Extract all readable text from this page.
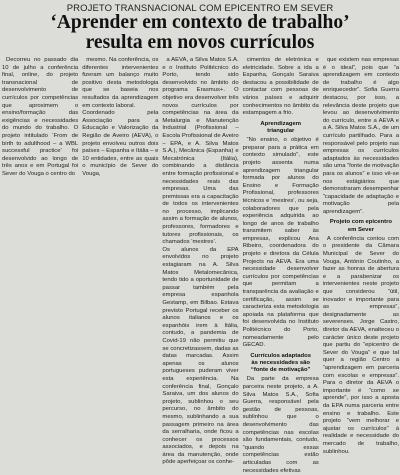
PROJETO TRANSNACIONAL COM EPICENTRO EM SEVER
‘Aprender em contexto de trabalho’
resulta em novos currículos

Decorreu no passado dia 10 de julho a conferência final, online, do projeto transnacional de desenvolvimento de currículos por competências que aproximem o ensino/formação das exigências e necessidades do mundo do trabalho. O projeto intitulado ‘From de birth to adulthood – a WBL successful practice’ foi desenvolvido ao longo de três anos e em Portugal foi Sever do Vouga o centro do

mesmo. Na conferência, os diferentes intervenientes fizeram um balanço muito positivo desta metodologia que se baseia nos resultados da aprendizagem em contexto laboral.
Coordenado pela Associação para a Educação e Valorização da Região de Aveiro (AEVA), o projeto envolveu outros dois países – Espanha e Itália – e 10 entidades, entre as quais o município de Sever do Vouga,

a AEVA, a Silva Matos S.A. e o Instituto Politécnico do Porto, tendo sido desenvolvido no âmbito do programa Erasmus+. O objetivo era desenvolver três novos currículos por competências na área da Metalurgia e Manutenção Industrial (Profissional – Escola Profissional de Aveiro – EPA, e A. Silva Matos S.A.), Mecânica (Espanha) e Mecatrónica (Itália), combinando a distância entre formação profissional e necessidades reais das empresas. Uma das premissas era a capacitação de todos os intervenientes no processo, implicando assim a formação de alunos, professores, formadores e tutores profissionais, os chamados ‘mestres’.
Os alunos da EPA envolvidos no projeto estagiaram na A. Silva Matos Metalomecânica, tendo tido a oportunidade de passar também pela empresa espanhola Gestamp, em Bilbao. Estava previsto Portugal receber os alunos italianos e os espanhóis irem à Itália, contudo, a pandemia de Covid-19 não permitiu que se concretizassem, dadas as datas marcadas. Assim apenas os alunos portugueses puderam viver esta experiência. Na conferência final, Gonçalo Saraiva, um dos alunos do projeto, sublinhou o seu percurso, no âmbito do mesmo, sublinhando a sua passagem primeiro na área da serralharia, onde ficou a conhecer os processos associados, e depois na área da manutenção, onde pôde aperfeiçoar os conhe-

cimentos de eletrónica e eletricidade. Sobre a ida a Espanha, Gonçalo Saraiva destacou a possibilidade de contactar com pessoas de vários países e adquirir conhecimentos no âmbito da estampagem a frio.

Aprendizagem
triangular

“No ensino, o objetivo é preparar para a prática em contexto simulado”, este projeto assenta numa aprendizagem triangular formada por alunos do Ensino e Formação Profissional, professores técnicos e ‘mestres’, ou seja, colaboradores que pela experiência adquirida ao longo de anos de trabalho transmitem saber às empresas, explicou Ana Ribeiro, coordenadora do projeto e diretora da Célula Projects na AEVA. Era uma necessidade desenvolver currículos por competências que permitam a transparência da avaliação e certificação, assim se caracteriza esta metodologia apoiada na plataforma que foi desenvolvida no Instituto Politécnico do Porto, nomeadamente pelo GECAD.

Currículos adaptados
às necessidades são
“fonte de motivação”

Da parte da empresa parceira neste projeto, a A. Silva Matos S.A., Sofia Guerra, responsável pela gestão de pessoas, sublinhou que o desenvolvimento das competências nas escolas são fundamentais, contudo, “quando essas competências estão articuladas com as necessidades efetivas

que existem nas empresas é o ideal”, pois que “a aprendizagem em contexto de trabalho é algo enriquecedor”. Sofia Guerra destacou, por isso, a relevância deste projeto que levou ao desenvolvimento do currículo, entre a AEVA e a A. Silva Matos S.A., de um currículo partilhado. Para a responsável pelo projeto nas empresas os currículos adaptados às necessidades são uma “fonte de motivação para os alunos” e isso vê-se nos estágiários que demonstraram desempenhar “capacidade de adaptação e motivação pela aprendizagem”.

Projeto com epicentro
em Sever

A conferência contou com o presidente da Câmara Municipal de Sever do Vouga, António Coutinho, a fazer as honras de abertura e a parabenizar os intervenientes neste projeto que considerou “útil, inovador e importante para as empresas”, designadamente as severenses. Jorge Castro, diretor da AEVA, enalteceu o carácter único deste projeto que partiu do “epicentro de Sever do Vouga” e que tal quer a região Centro a “aprendizagem em parceria com escolas e empresas”. Para o diretor da AEVA o importante é “como se aprende”, por isso a aposta da EPA numa parceria entre ensino e trabalho. Este projeto “vem melhorar e ajustar os currículos” à realidade e necessidade do mercado de trabalho, sublinhou.
